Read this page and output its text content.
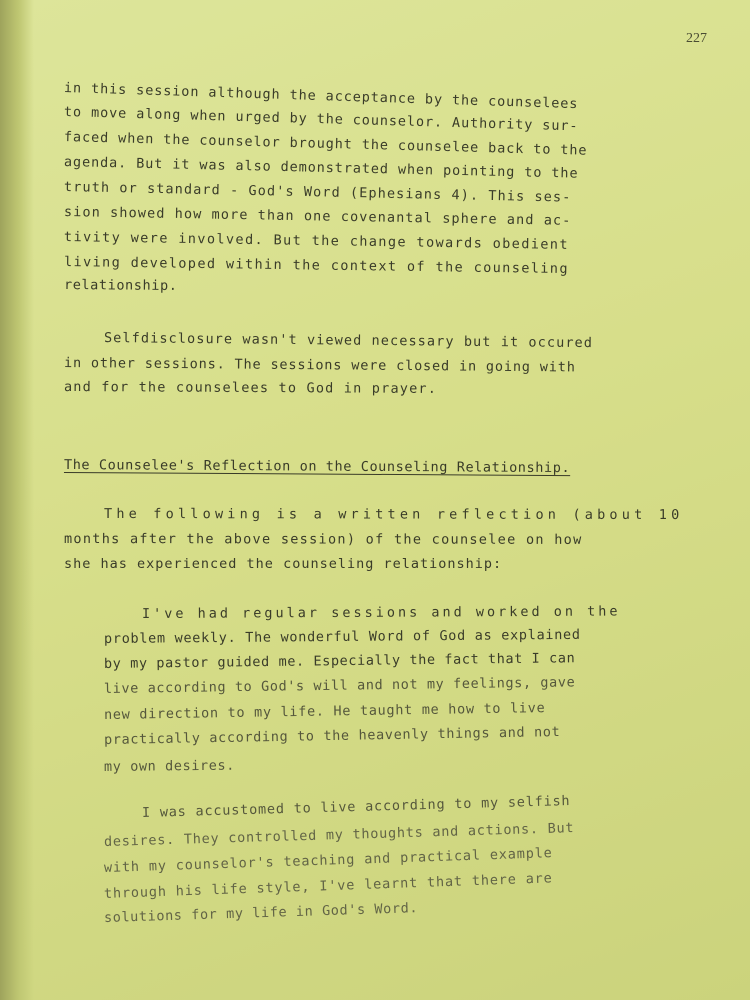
227
in this session although the acceptance by the counselees
to move along when urged by the counselor. Authority sur-
faced when the counselor brought the counselee back to the
agenda. But it was also demonstrated when pointing to the
truth or standard - God's Word (Ephesians 4). This ses-
sion showed how more than one covenantal sphere and ac-
tivity were involved. But the change towards obedient
living developed within the context of the counseling
relationship.
Selfdisclosure wasn't viewed necessary but it occured
in other sessions. The sessions were closed in going with
and for the counselees to God in prayer.
The Counselee's Reflection on the Counseling Relationship.
The following is a written reflection (about 10
months after the above session) of the counselee on how
she has experienced the counseling relationship:
I've had regular sessions and worked on the
problem weekly. The wonderful Word of God as explained
by my pastor guided me. Especially the fact that I can
live according to God's will and not my feelings, gave
new direction to my life. He taught me how to live
practically according to the heavenly things and not
my own desires.
I was accustomed to live according to my selfish
desires. They controlled my thoughts and actions. But
with my counselor's teaching and practical example
through his life style, I've learnt that there are
solutions for my life in God's Word.
